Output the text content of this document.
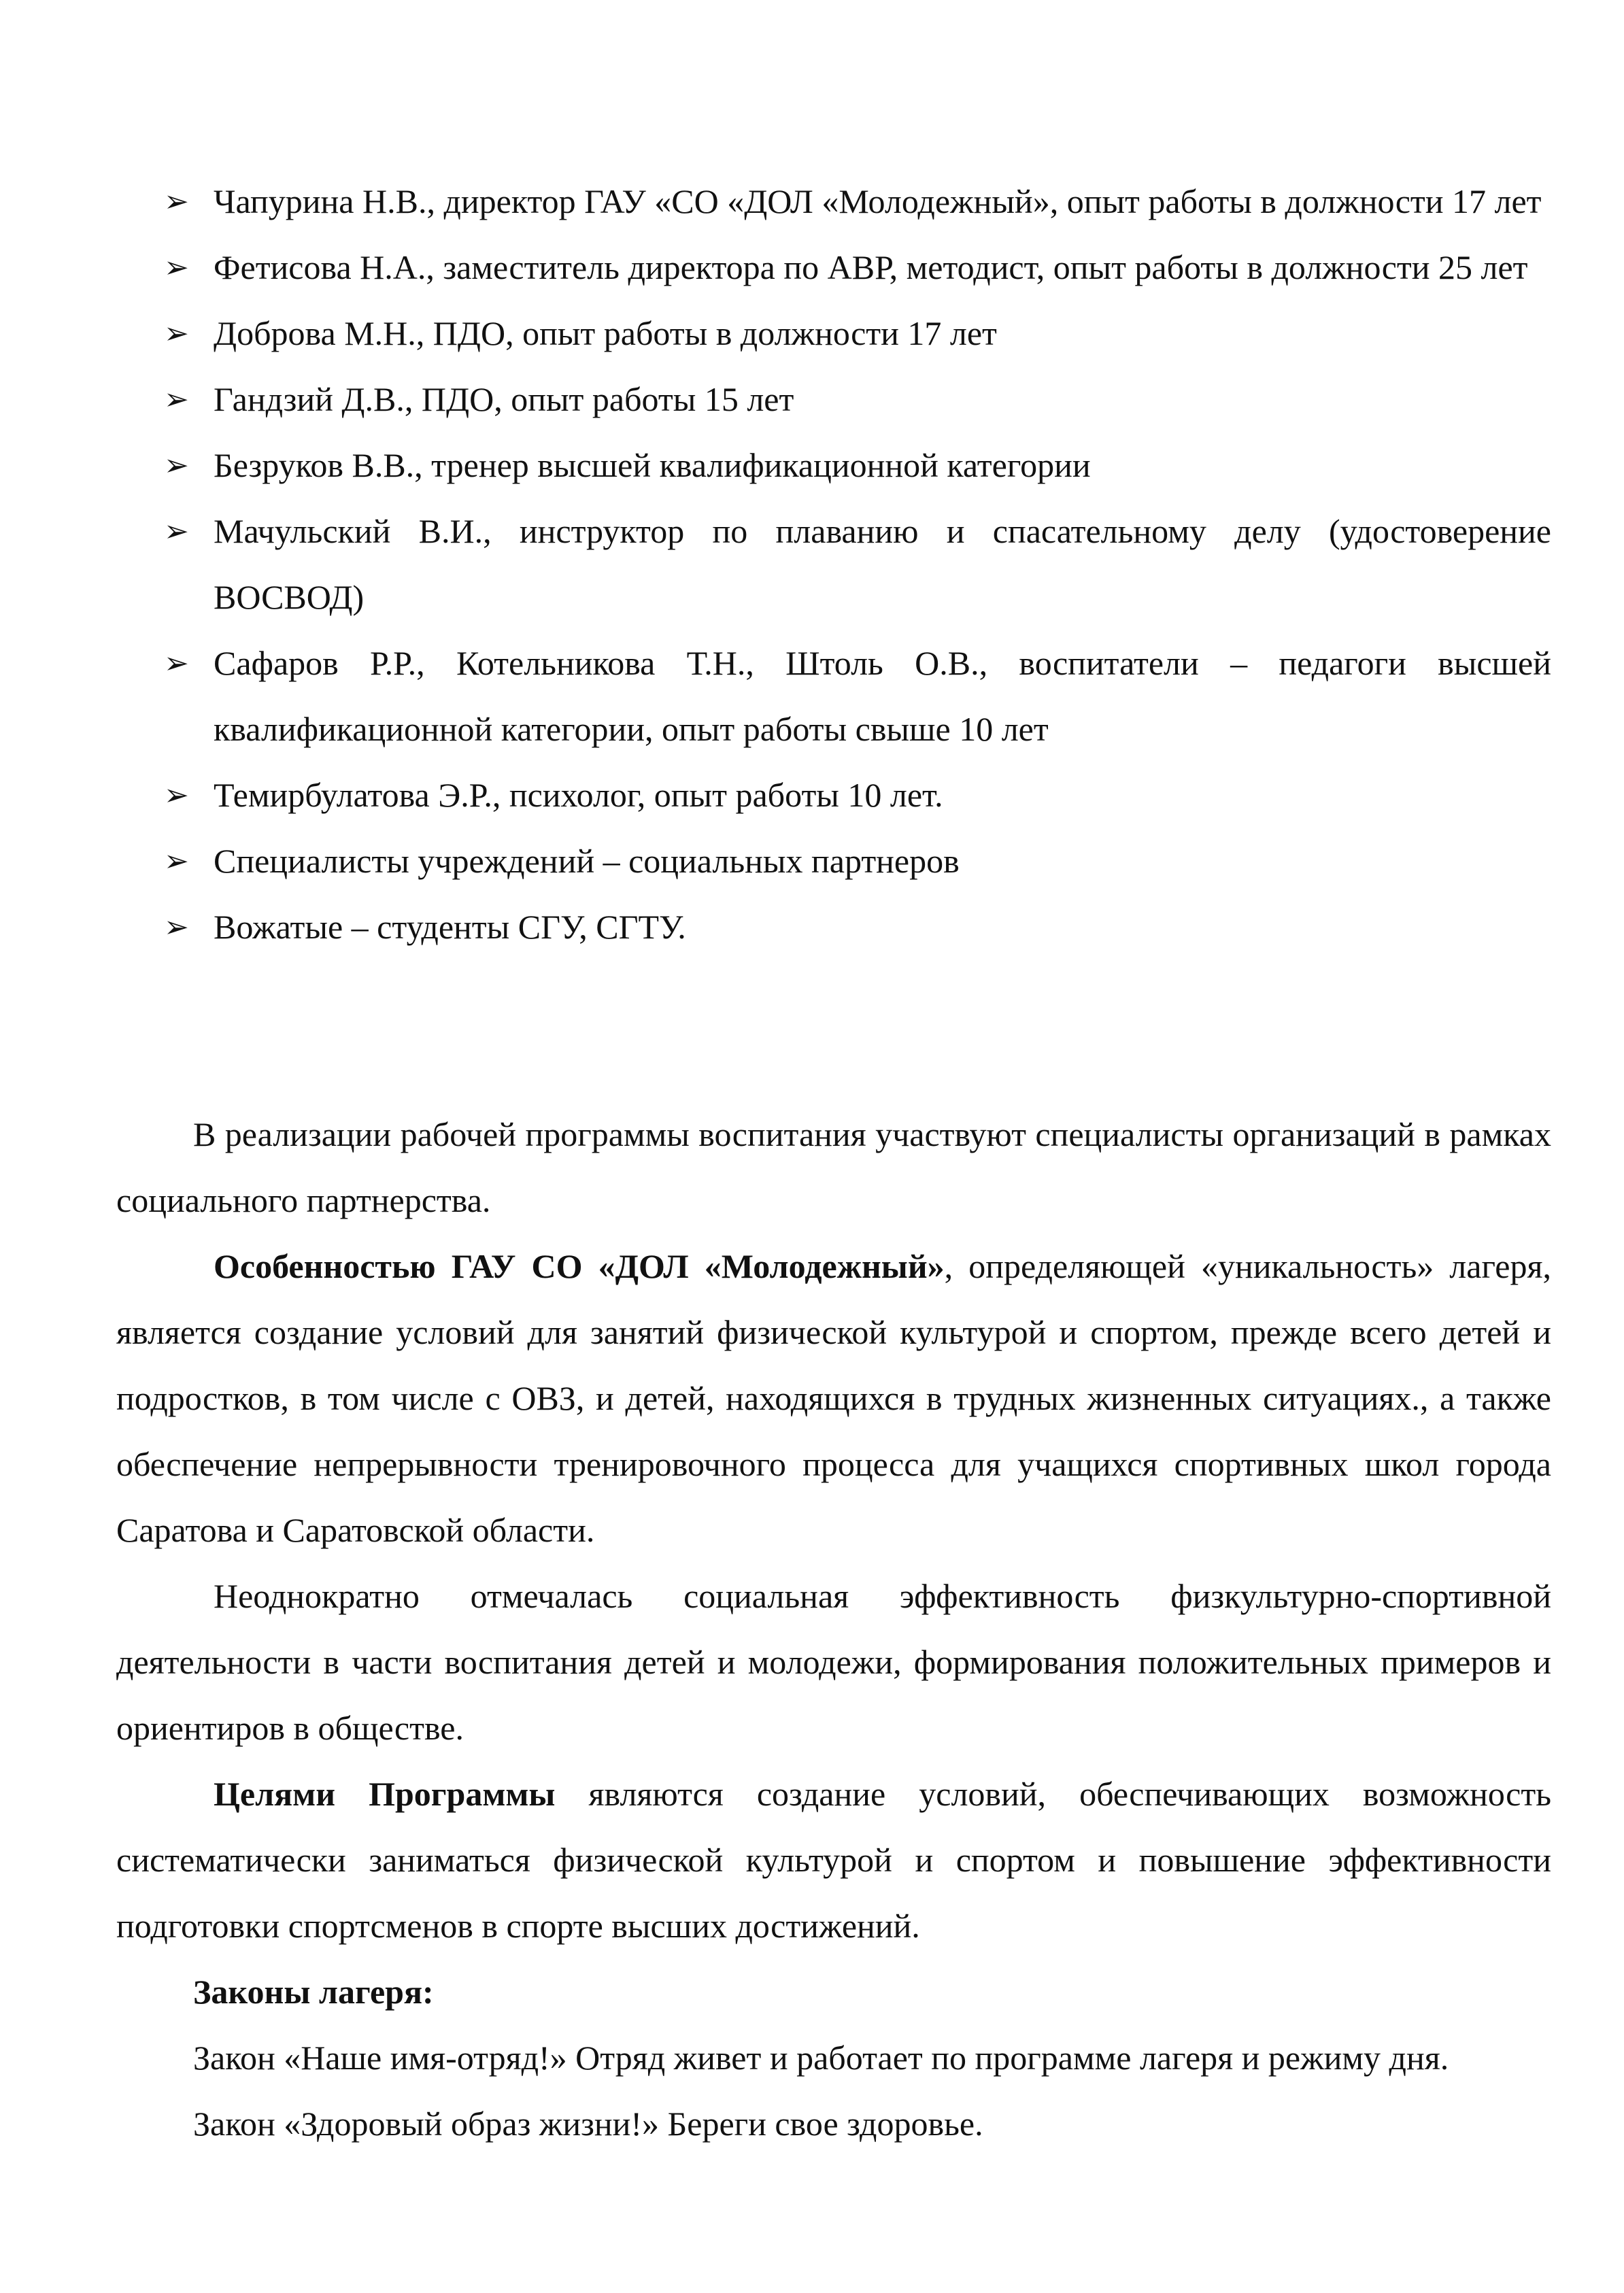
➢ Чапурина Н.В., директор ГАУ «СО «ДОЛ «Молодежный», опыт работы в должности 17 лет
➢ Фетисова Н.А., заместитель директора по АВР, методист, опыт работы в должности 25 лет
➢ Доброва М.Н., ПДО, опыт работы в должности 17 лет
➢ Гандзий Д.В., ПДО, опыт работы 15 лет
➢ Безруков В.В., тренер высшей квалификационной категории
➢ Мачульский В.И., инструктор по плаванию и спасательному делу (удостоверение ВОСВОД)
➢ Сафаров Р.Р., Котельникова Т.Н., Штоль О.В., воспитатели – педагоги высшей квалификационной категории, опыт работы свыше 10 лет
➢ Темирбулатова Э.Р., психолог, опыт работы 10 лет.
➢ Специалисты учреждений – социальных партнеров
➢ Вожатые – студенты СГУ, СГТУ.

В реализации рабочей программы воспитания участвуют специалисты организаций в рамках социального партнерства.

Особенностью ГАУ СО «ДОЛ «Молодежный», определяющей «уникальность» лагеря, является создание условий для занятий физической культурой и спортом, прежде всего детей и подростков, в том числе с ОВЗ, и детей, находящихся в трудных жизненных ситуациях., а также обеспечение непрерывности тренировочного процесса для учащихся спортивных школ города Саратова и Саратовской области.

Неоднократно отмечалась социальная эффективность физкультурно-спортивной деятельности в части воспитания детей и молодежи, формирования положительных примеров и ориентиров в обществе.

Целями Программы являются создание условий, обеспечивающих возможность систематически заниматься физической культурой и спортом и повышение эффективности подготовки спортсменов в спорте высших достижений.

Законы лагеря:

Закон «Наше имя-отряд!» Отряд живет и работает по программе лагеря и режиму дня.

Закон «Здоровый образ жизни!» Береги свое здоровье.
